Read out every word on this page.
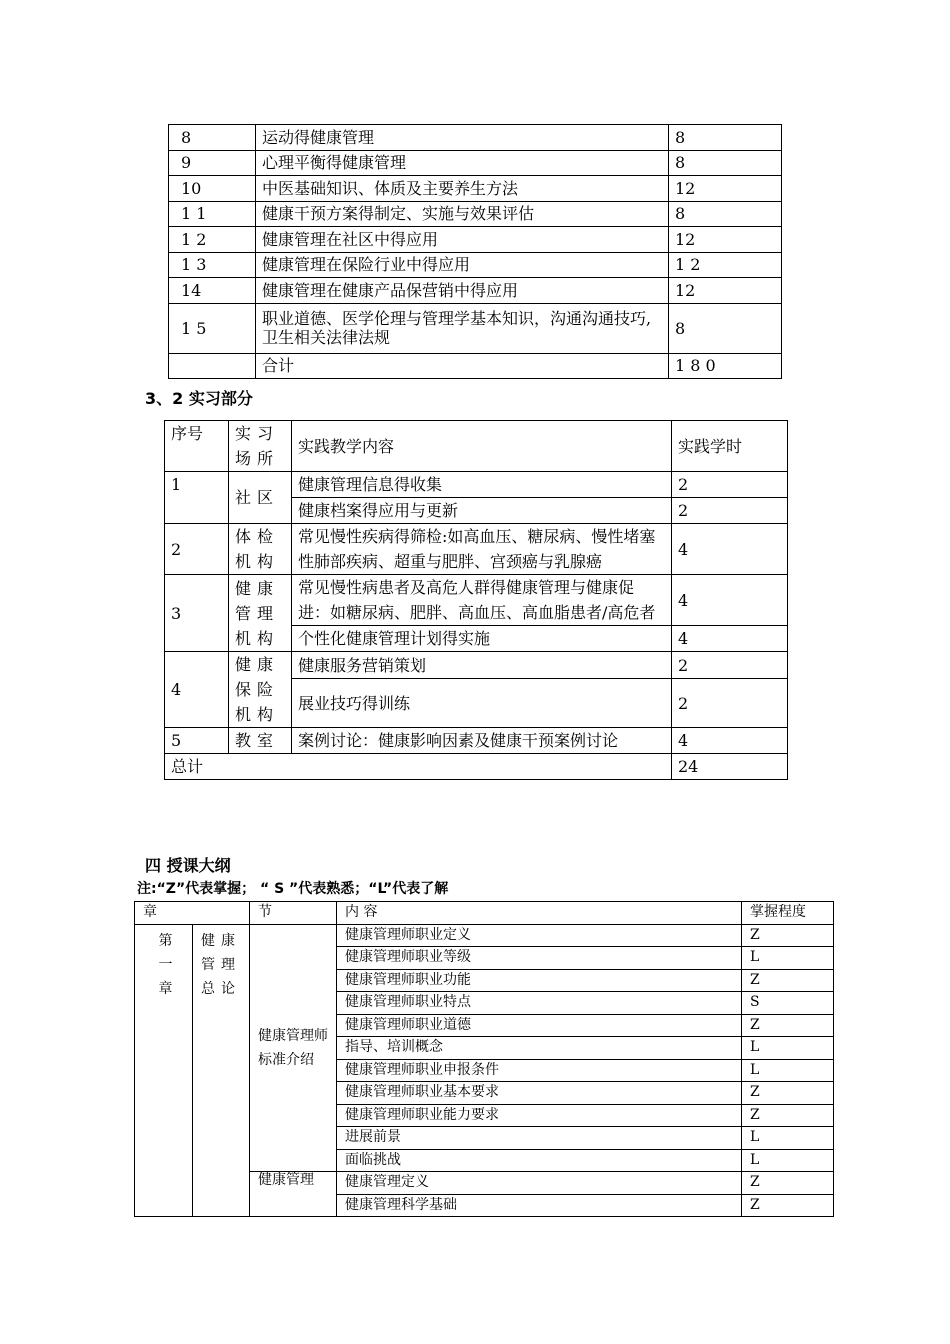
8	运动得健康管理	8
9	心理平衡得健康管理	8
10	中医基础知识、体质及主要养生方法	12
1 1	健康干预方案得制定、实施与效果评估	8
1 2	健康管理在社区中得应用	12
1 3	健康管理在保险行业中得应用	1 2
14	健康管理在健康产品保营销中得应用	12
1 5	职业道德、医学伦理与管理学基本知识，沟通沟通技巧,卫生相关法律法规	8
	合计	1 8 0
3、2 实习部分
序号	实习场所	实践教学内容	实践学时
1	社区	健康管理信息得收集	2
		健康档案得应用与更新	2
2	体检机构	常见慢性疾病得筛检:如高血压、糖尿病、慢性堵塞性肺部疾病、超重与肥胖、宫颈癌与乳腺癌	4
3	健康管理机构	常见慢性病患者及高危人群得健康管理与健康促进：如糖尿病、肥胖、高血压、高血脂患者/高危者	4
		个性化健康管理计划得实施	4
4	健康保险机构	健康服务营销策划	2
		展业技巧得训练	2
5	教室	案例讨论：健康影响因素及健康干预案例讨论	4
总计			24
四 授课大纲

注:“Z”代表掌握； “ S ”代表熟悉；“L”代表了解

章		节	内 容	掌握程度
第一章	健康管理总论	健康管理师标准介绍	健康管理师职业定义	Z
			健康管理师职业等级	L
			健康管理师职业功能	Z
			健康管理师职业特点	S
			健康管理师职业道德	Z
			指导、培训概念	L
			健康管理师职业申报条件	L
			健康管理师职业基本要求	Z
			健康管理师职业能力要求	Z
			进展前景	L
			面临挑战	L
		健康管理	健康管理定义	Z
			健康管理科学基础	Z
